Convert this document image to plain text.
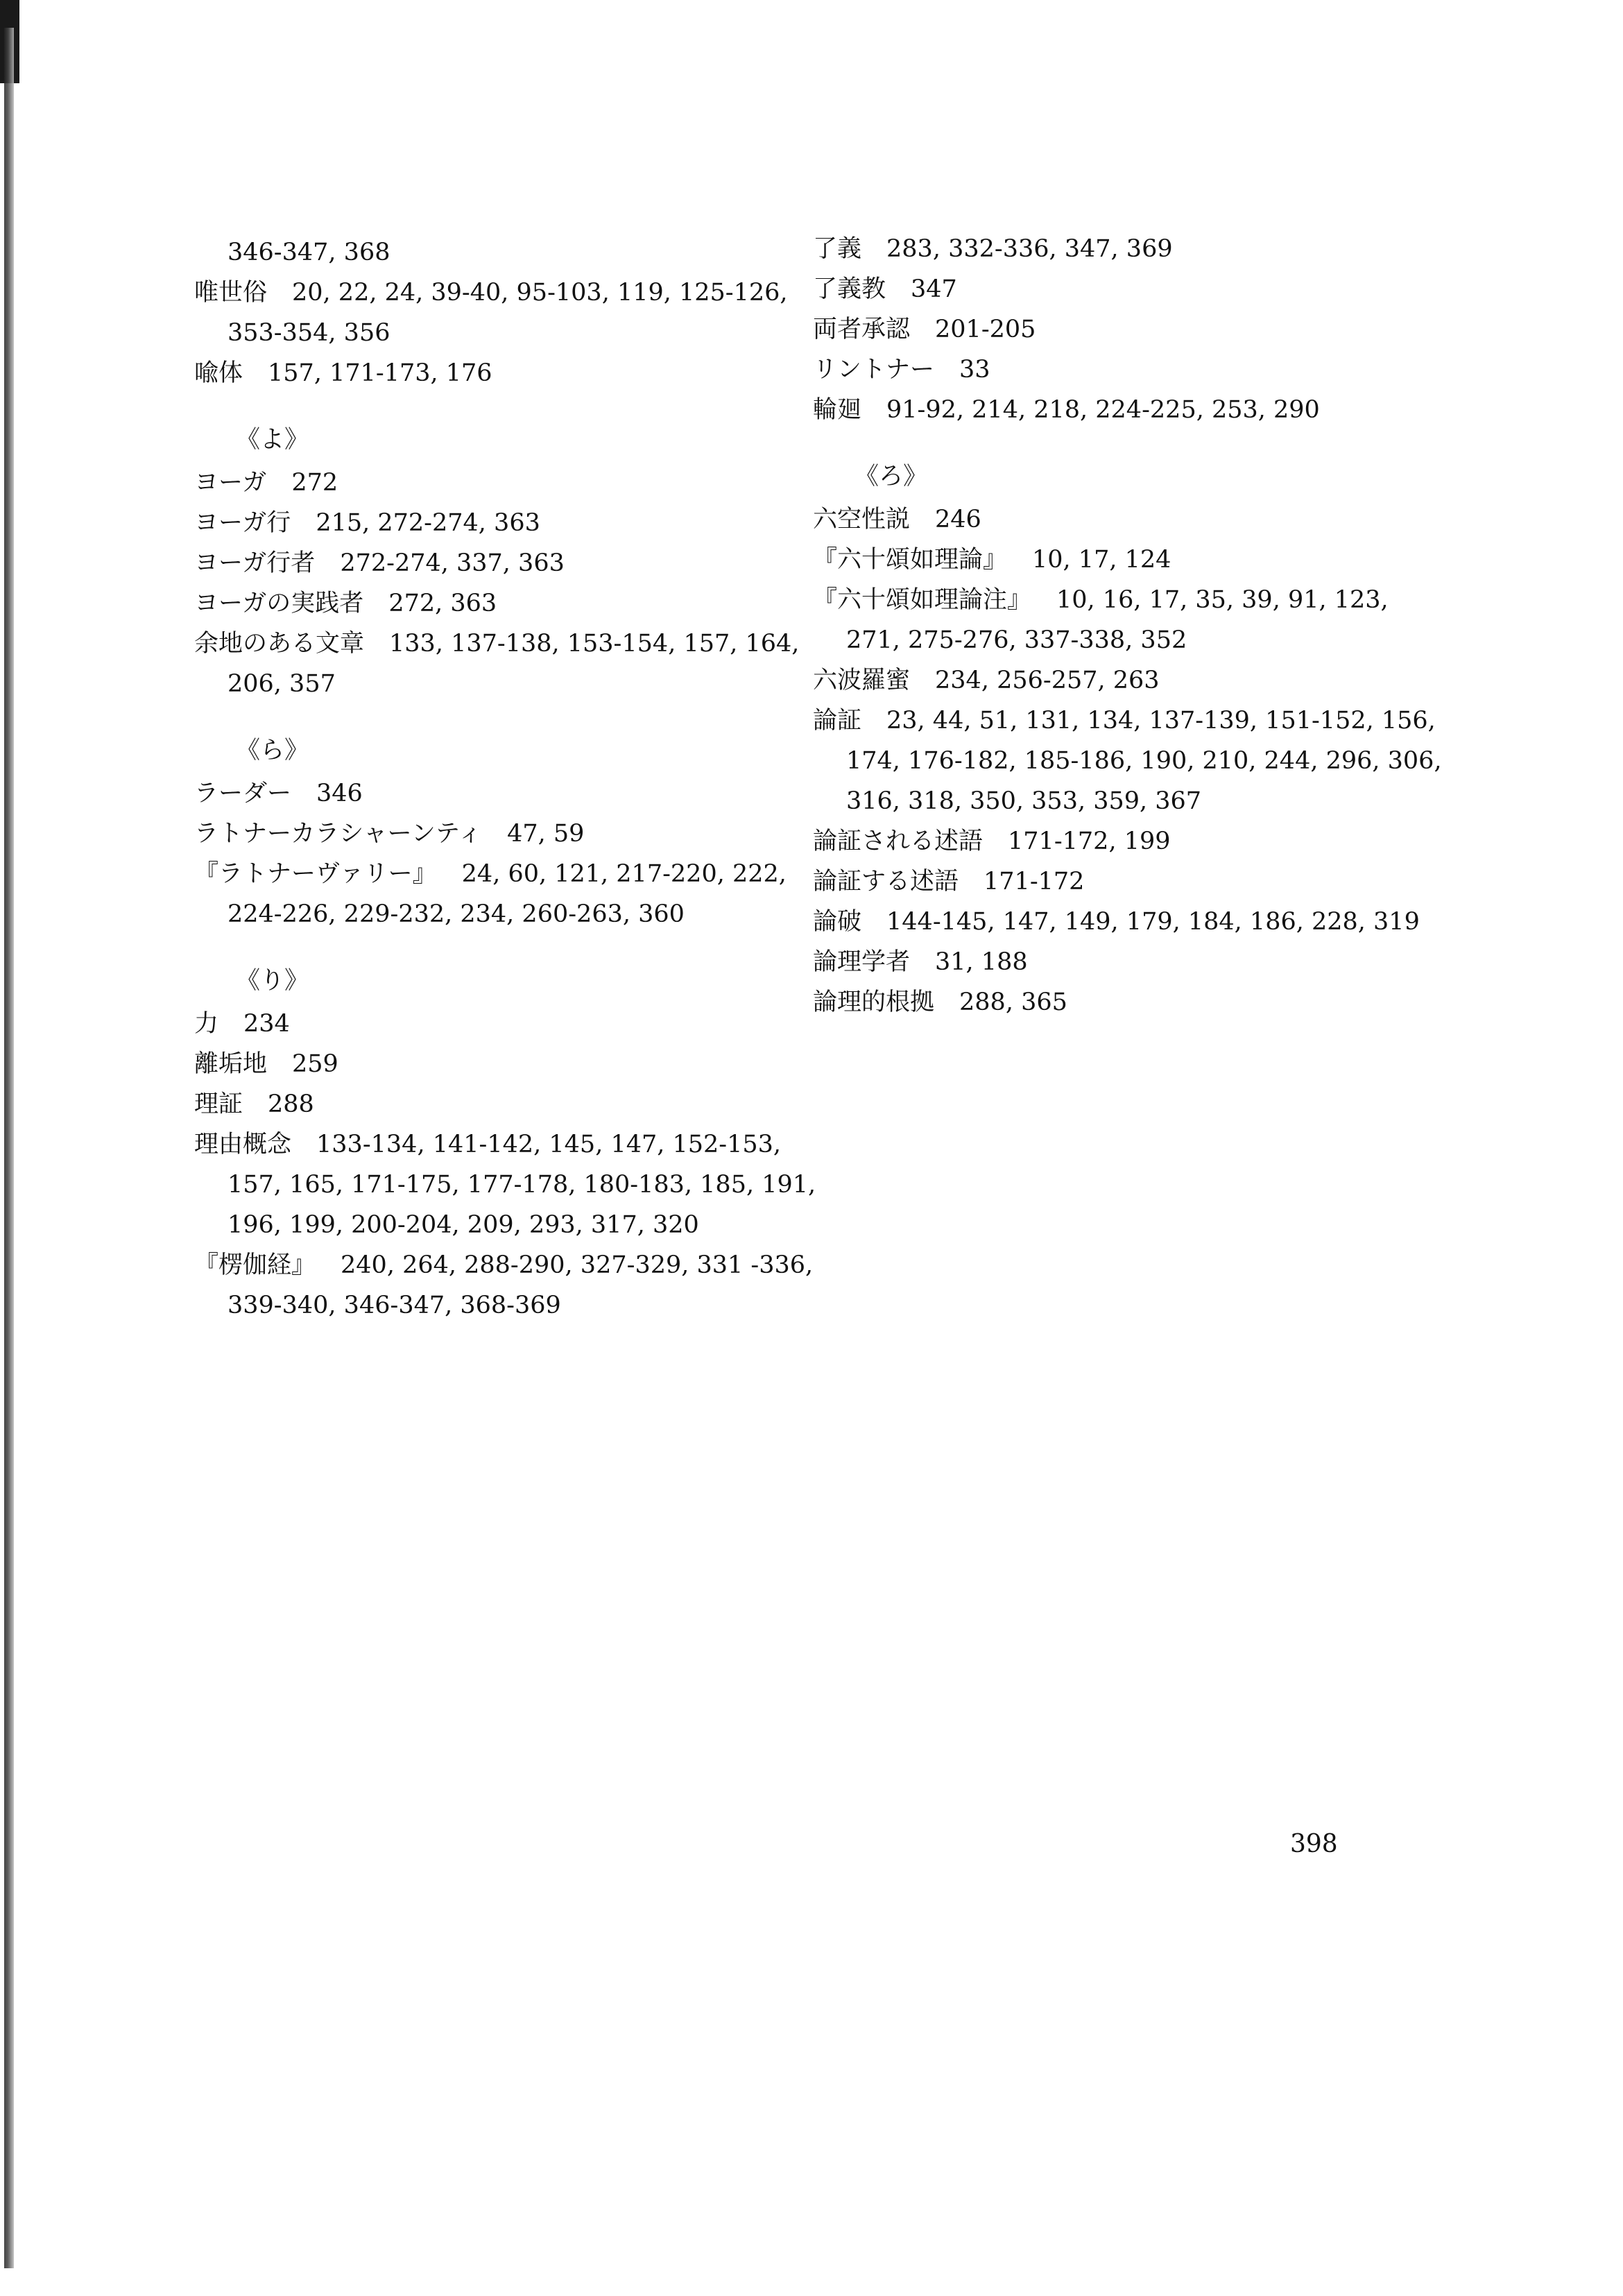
346-347, 368
唯世俗 20, 22, 24, 39-40, 95-103, 119, 125-126,
353-354, 356
喩体 157, 171-173, 176
《よ》
ヨーガ 272
ヨーガ行 215, 272-274, 363
ヨーガ行者 272-274, 337, 363
ヨーガの実践者 272, 363
余地のある文章 133, 137-138, 153-154, 157, 164,
206, 357
《ら》
ラーダー 346
ラトナーカラシャーンティ 47, 59
『ラトナーヴァリー』 24, 60, 121, 217-220, 222,
224-226, 229-232, 234, 260-263, 360
《り》
力 234
離垢地 259
理証 288
理由概念 133-134, 141-142, 145, 147, 152-153,
157, 165, 171-175, 177-178, 180-183, 185, 191,
196, 199, 200-204, 209, 293, 317, 320
『楞伽経』 240, 264, 288-290, 327-329, 331 -336,
339-340, 346-347, 368-369
了義 283, 332-336, 347, 369
了義教 347
両者承認 201-205
リントナー 33
輪廻 91-92, 214, 218, 224-225, 253, 290
《ろ》
六空性説 246
『六十頌如理論』 10, 17, 124
『六十頌如理論注』 10, 16, 17, 35, 39, 91, 123,
271, 275-276, 337-338, 352
六波羅蜜 234, 256-257, 263
論証 23, 44, 51, 131, 134, 137-139, 151-152, 156,
174, 176-182, 185-186, 190, 210, 244, 296, 306,
316, 318, 350, 353, 359, 367
論証される述語 171-172, 199
論証する述語 171-172
論破 144-145, 147, 149, 179, 184, 186, 228, 319
論理学者 31, 188
論理的根拠 288, 365
398
